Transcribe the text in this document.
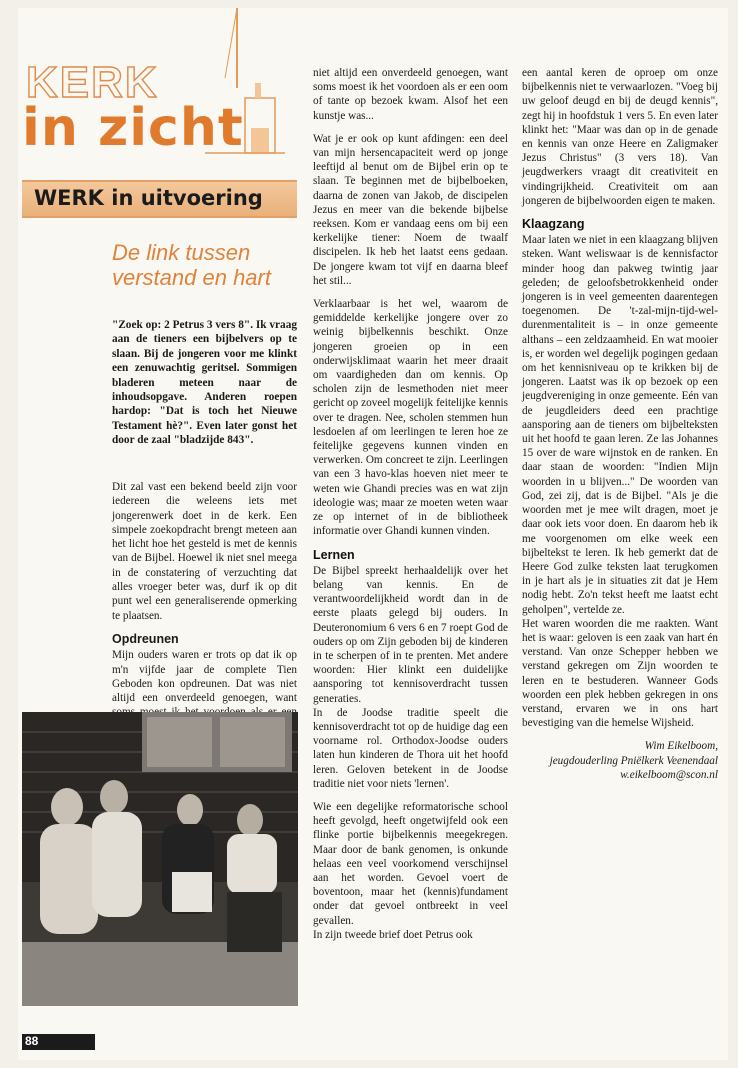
KERK
in zicht
WERK in uitvoering
De link tussen verstand en hart
"Zoek op: 2 Petrus 3 vers 8". Ik vraag aan de tieners een bijbelvers op te slaan. Bij de jongeren voor me klinkt een zenuwachtig geritsel. Sommigen bladeren meteen naar de inhoudsopgave. Anderen roepen hardop: "Dat is toch het Nieuwe Testament hè?". Even later gonst het door de zaal "bladzijde 843".

Dit zal vast een bekend beeld zijn voor iedereen die weleens iets met jongerenwerk doet in de kerk. Een simpele zoekopdracht brengt meteen aan het licht hoe het gesteld is met de kennis van de Bijbel. Hoewel ik niet snel meega in de constatering of verzuchting dat alles vroeger beter was, durf ik op dit punt wel een generaliserende opmerking te plaatsen.

Opdreunen

Mijn ouders waren er trots op dat ik op m'n vijfde jaar de complete Tien Geboden kon opdreunen. Dat was niet altijd een onverdeeld genoegen, want

niet altijd een onverdeeld genoegen, want soms moest ik het voordoen als er een oom of tante op bezoek kwam. Alsof het een kunstje was...

Wat je er ook op kunt afdingen: een deel van mijn hersencapaciteit werd op jonge leeftijd al benut om de Bijbel erin op te slaan. Te beginnen met de bijbelboeken, daarna de zonen van Jakob, de discipelen Jezus en meer van die bekende bijbelse reeksen. Kom er vandaag eens om bij een kerkelijke tiener: Noem de twaalf discipelen. Ik heb het laatst eens gedaan. De jongere kwam tot vijf en daarna bleef het stil...

Verklaarbaar is het wel, waarom de gemiddelde kerkelijke jongere over zo weinig bijbelkennis beschikt. Onze jongeren groeien op in een onderwijsklimaat waarin het meer draait om vaardigheden dan om kennis. Op scholen zijn de lesmethoden niet meer gericht op zoveel mogelijk feitelijke kennis over te dragen. Nee, scholen stemmen hun lesdoelen af om leerlingen te leren hoe ze feitelijke gegevens kunnen vinden en verwerken. Om concreet te zijn. Leerlingen van een 3 havo-klas hoeven niet meer te weten wie Ghandi precies was en wat zijn ideologie was; maar ze moeten weten waar ze op internet of in de bibliotheek informatie over Ghandi kunnen vinden.

Lernen

De Bijbel spreekt herhaaldelijk over het belang van kennis. En de verantwoordelijkheid wordt dan in de eerste plaats gelegd bij ouders. In Deuteronomium 6 vers 6 en 7 roept God de ouders op om Zijn geboden bij de kinderen in te scherpen of in te prenten. Met andere woorden: Hier klinkt een duidelijke aansporing tot kennisoverdracht tussen generaties.

In de Joodse traditie speelt die kennisoverdracht tot op de huidige dag een voorname rol. Orthodox-Joodse ouders laten hun kinderen de Thora uit het hoofd leren. Geloven betekent in de Joodse traditie niet voor niets 'lernen'.

Wie een degelijke reformatorische school heeft gevolgd, heeft ongetwijfeld ook een flinke portie bijbelkennis meegekregen. Maar door de bank genomen, is onkunde helaas een veel voorkomend verschijnsel aan het worden. Gevoel voert de boventoon, maar het (kennis)fundament onder dat gevoel ontbreekt in veel gevallen.

In zijn tweede brief doet Petrus ook

een aantal keren de oproep om onze bijbelkennis niet te verwaarlozen. "Voeg bij uw geloof deugd en bij de deugd kennis", zegt hij in hoofdstuk 1 vers 5. En even later klinkt het: "Maar was dan op in de genade en kennis van onze Heere en Zaligmaker Jezus Christus" (3 vers 18). Van jeugdwerkers vraagt dit creativiteit en vindingrijkheid. Creativiteit om aan jongeren de bijbelwoorden eigen te maken.

Klaagzang

Maar laten we niet in een klaagzang blijven steken. Want weliswaar is de kennisfactor minder hoog dan pakweg twintig jaar geleden; de geloofsbetrokkenheid onder jongeren is in veel gemeenten daarentegen toegenomen. De 't-zal-mijn-tijd-wel-durenmentaliteit is – in onze gemeente althans – een zeldzaamheid. En wat mooier is, er worden wel degelijk pogingen gedaan om het kennisniveau op te krikken bij de jongeren. Laatst was ik op bezoek op een jeugdvereniging in onze gemeente. Eén van de jeugdleiders deed een prachtige aansporing aan de tieners om bijbelteksten uit het hoofd te gaan leren. Ze las Johannes 15 over de ware wijnstok en de ranken. En daar staan de woorden: "Indien Mijn woorden in u blijven..." De woorden van God, zei zij, dat is de Bijbel. "Als je die woorden met je mee wilt dragen, moet je daar ook iets voor doen. En daarom heb ik me voorgenomen om elke week een bijbeltekst te leren. Ik heb gemerkt dat de Heere God zulke teksten laat terugkomen in je hart als je in situaties zit dat je Hem nodig hebt. Zo'n tekst heeft me laatst echt geholpen", vertelde ze.

Het waren woorden die me raakten. Want het is waar: geloven is een zaak van hart én verstand. Van onze Schepper hebben we verstand gekregen om Zijn woorden te leren en te bestuderen. Wanneer Gods woorden een plek hebben gekregen in ons verstand, ervaren we in ons hart bevestiging van die hemelse Wijsheid.

Wim Eikelboom,
jeugdouderling Pniëlkerk Veenendaal
w.eikelboom@scon.nl
88
